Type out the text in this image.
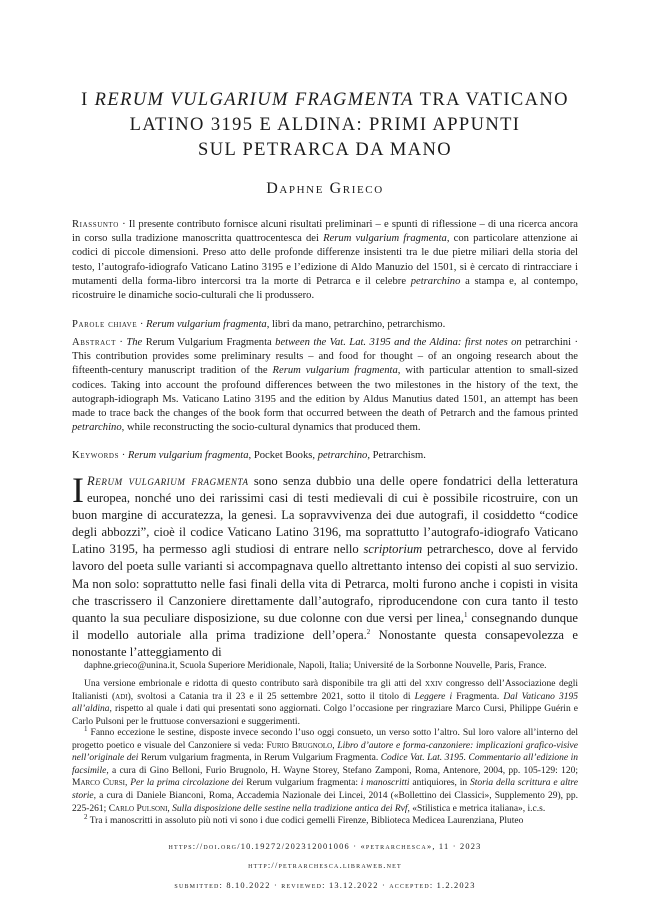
I RERUM VULGARIUM FRAGMENTA TRA VATICANO
LATINO 3195 E ALDINA: PRIMI APPUNTI
SUL PETRARCA DA MANO
Daphne Grieco
Riassunto · Il presente contributo fornisce alcuni risultati preliminari – e spunti di riflessione – di una ricerca ancora in corso sulla tradizione manoscritta quattrocentesca dei Rerum vulgarium fragmenta, con particolare attenzione ai codici di piccole dimensioni. Preso atto delle profonde differenze insistenti tra le due pietre miliari della storia del testo, l’autografo-idiografo Vaticano Latino 3195 e l’edizione di Aldo Manuzio del 1501, si è cercato di rintracciare i mutamenti della forma-libro intercorsi tra la morte di Petrarca e il celebre petrarchino a stampa e, al contempo, ricostruire le dinamiche socio-culturali che li produssero.
Parole chiave · Rerum vulgarium fragmenta, libri da mano, petrarchino, petrarchismo.
Abstract · The Rerum Vulgarium Fragmenta between the Vat. Lat. 3195 and the Aldina: first notes on petrarchini · This contribution provides some preliminary results – and food for thought – of an ongoing research about the fifteenth-century manuscript tradition of the Rerum vulgarium fragmenta, with particular attention to small-sized codices. Taking into account the profound differences between the two milestones in the history of the text, the autograph-idiograph Ms. Vaticano Latino 3195 and the edition by Aldus Manutius dated 1501, an attempt has been made to trace back the changes of the book form that occurred between the death of Petrarch and the famous printed petrarchino, while reconstructing the socio-cultural dynamics that produced them.
Keywords · Rerum vulgarium fragmenta, Pocket Books, petrarchino, Petrarchism.
I Rerum vulgarium fragmenta sono senza dubbio una delle opere fondatrici della letteratura europea, nonché uno dei rarissimi casi di testi medievali di cui è possibile ricostruire, con un buon margine di accuratezza, la genesi. La sopravvivenza dei due autografi, il cosiddetto “codice degli abbozzi”, cioè il codice Vaticano Latino 3196, ma soprattutto l’autografo-idiografo Vaticano Latino 3195, ha permesso agli studiosi di entrare nello scriptorium petrarchesco, dove al fervido lavoro del poeta sulle varianti si accompagnava quello altrettanto intenso dei copisti al suo servizio. Ma non solo: soprattutto nelle fasi finali della vita di Petrarca, molti furono anche i copisti in visita che trascrissero il Canzoniere direttamente dall’autografo, riproducendone con cura tanto il testo quanto la sua peculiare disposizione, su due colonne con due versi per linea,$^1$ consegnando dunque il modello autoriale alla prima tradizione dell’opera.$^2$ Nonostante questa consapevolezza e nonostante l’atteggiamento di
daphne.grieco@unina.it, Scuola Superiore Meridionale, Napoli, Italia; Université de la Sorbonne Nouvelle, Paris, France.
Una versione embrionale e ridotta di questo contributo sarà disponibile tra gli atti del xxiv congresso dell’Associazione degli Italianisti (adi), svoltosi a Catania tra il 23 e il 25 settembre 2021, sotto il titolo di Leggere i Fragmenta. Dal Vaticano 3195 all’aldina, rispetto al quale i dati qui presentati sono aggiornati. Colgo l’occasione per ringraziare Marco Cursi, Philippe Guérin e Carlo Pulsoni per le fruttuose conversazioni e suggerimenti.
$^1$ Fanno eccezione le sestine, disposte invece secondo l’uso oggi consueto, un verso sotto l’altro. Sul loro valore all’interno del progetto poetico e visuale del Canzoniere si veda: Furio Brugnolo, Libro d’autore e forma-canzoniere: implicazioni grafico-visive nell’originale dei Rerum vulgarium fragmenta, in Rerum Vulgarium Fragmenta. Codice Vat. Lat. 3195. Commentario all’edizione in facsimile, a cura di Gino Belloni, Furio Brugnolo, H. Wayne Storey, Stefano Zamponi, Roma, Antenore, 2004, pp. 105-129: 120; Marco Cursi, Per la prima circolazione dei Rerum vulgarium fragmenta: i manoscritti antiquiores, in Storia della scrittura e altre storie, a cura di Daniele Bianconi, Roma, Accademia Nazionale dei Lincei, 2014 («Bollettino dei Classici», Supplemento 29), pp. 225-261; Carlo Pulsoni, Sulla disposizione delle sestine nella tradizione antica dei Rvf, «Stilistica e metrica italiana», i.c.s.
$^2$ Tra i manoscritti in assoluto più noti vi sono i due codici gemelli Firenze, Biblioteca Medicea Laurenziana, Pluteo
https://doi.org/10.19272/202312001006 · «petrarchesca», 11 · 2023
http://petrarchesca.libraweb.net
submitted: 8.10.2022 · reviewed: 13.12.2022 · accepted: 1.2.2023
